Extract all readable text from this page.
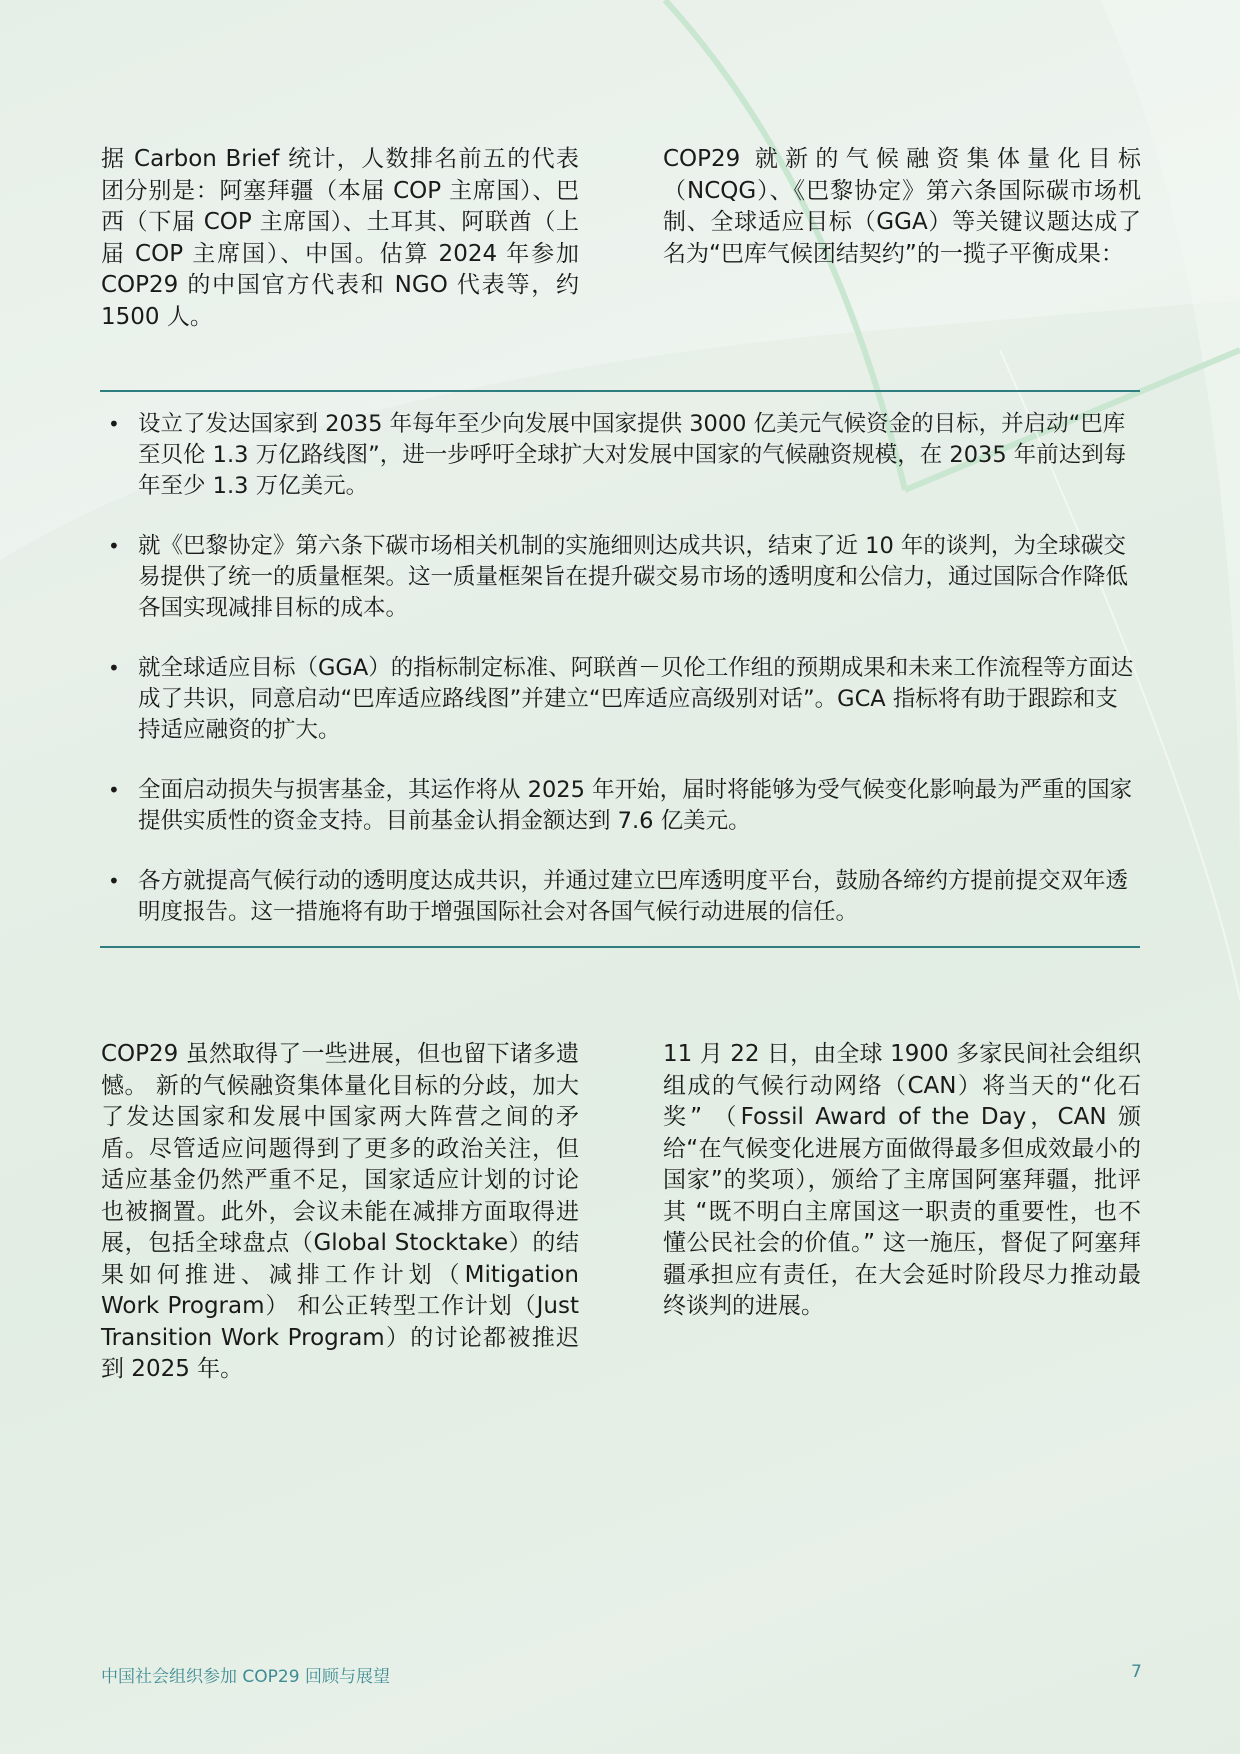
据 Carbon Brief 统计，人数排名前五的代表团分别是：阿塞拜疆（本届 COP 主席国）、巴西（下届 COP 主席国）、土耳其、阿联酋（上届 COP 主席国）、中国。估算 2024 年参加 COP29 的中国官方代表和 NGO 代表等，约 1500 人。

COP29 就新的气候融资集体量化目标（NCQG）、《巴黎协定》第六条国际碳市场机制、全球适应目标（GGA）等关键议题达成了名为“巴库气候团结契约”的一揽子平衡成果：

• 设立了发达国家到 2035 年每年至少向发展中国家提供 3000 亿美元气候资金的目标，并启动“巴库至贝伦 1.3 万亿路线图”，进一步呼吁全球扩大对发展中国家的气候融资规模，在 2035 年前达到每年至少 1.3 万亿美元。
• 就《巴黎协定》第六条下碳市场相关机制的实施细则达成共识，结束了近 10 年的谈判，为全球碳交易提供了统一的质量框架。这一质量框架旨在提升碳交易市场的透明度和公信力，通过国际合作降低各国实现减排目标的成本。
• 就全球适应目标（GGA）的指标制定标准、阿联酋－贝伦工作组的预期成果和未来工作流程等方面达成了共识，同意启动“巴库适应路线图”并建立“巴库适应高级别对话”。GCA 指标将有助于跟踪和支持适应融资的扩大。
• 全面启动损失与损害基金，其运作将从 2025 年开始，届时将能够为受气候变化影响最为严重的国家提供实质性的资金支持。目前基金认捐金额达到 7.6 亿美元。
• 各方就提高气候行动的透明度达成共识，并通过建立巴库透明度平台，鼓励各缔约方提前提交双年透明度报告。这一措施将有助于增强国际社会对各国气候行动进展的信任。

COP29 虽然取得了一些进展，但也留下诸多遗憾。 新的气候融资集体量化目标的分歧，加大了发达国家和发展中国家两大阵营之间的矛盾。尽管适应问题得到了更多的政治关注，但适应基金仍然严重不足，国家适应计划的讨论也被搁置。此外，会议未能在减排方面取得进展，包括全球盘点（Global Stocktake）的结果如何推进、减排工作计划（Mitigation Work Program） 和公正转型工作计划（Just Transition Work Program）的讨论都被推迟到 2025 年。

11 月 22 日，由全球 1900 多家民间社会组织组成的气候行动网络（CAN）将当天的“化石奖” （Fossil Award of the Day，CAN 颁给“在气候变化进展方面做得最多但成效最小的国家”的奖项），颁给了主席国阿塞拜疆，批评其 “既不明白主席国这一职责的重要性，也不懂公民社会的价值。” 这一施压，督促了阿塞拜疆承担应有责任，在大会延时阶段尽力推动最终谈判的进展。

中国社会组织参加 COP29 回顾与展望	7
